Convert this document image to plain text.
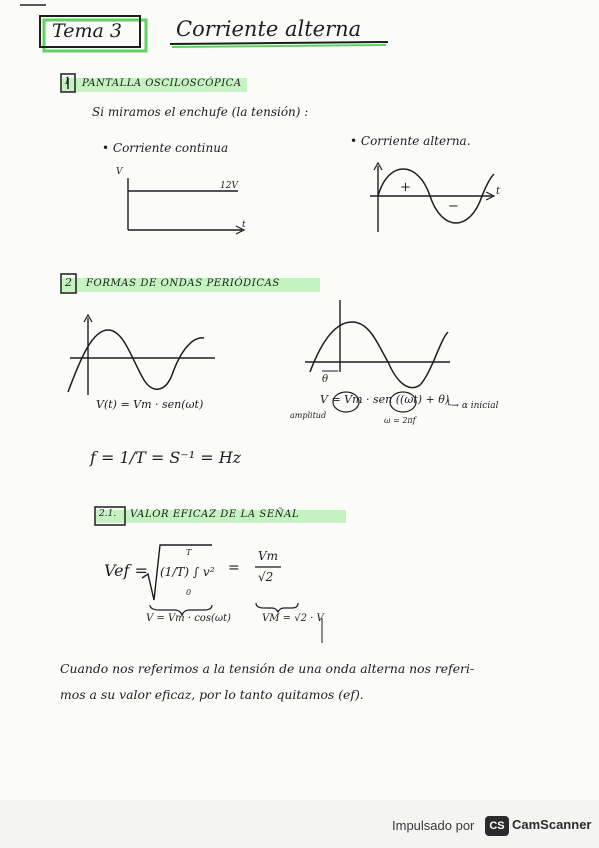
Tema 3	Corriente alterna
1 PANTALLA OSCILOSCÓPICA
Si miramos el enchufe (la tensión) :
• Corriente continua	• Corriente alterna.
V
t
12V	+
−
t
2 FORMAS DE ONDAS PERIÓDICAS
V(t) = Vm · sen(ωt)	V = Vm · sen ((ωt) + θ)
θ
amplitud
ω = 2πf
└→ α inicial
f = 1/T = S⁻¹ = Hz
2.1. VALOR EFICAZ DE LA SEÑAL
Vef =
T
0
(1/T) ∫ v² =
Vm
√2
V = Vm · cos(ωt)	VM = √2 · V
Cuando nos referimos a la tensión de una onda alterna nos referi-
mos a su valor eficaz, por lo tanto quitamos (ef).
Impulsado por	CS CamScanner
